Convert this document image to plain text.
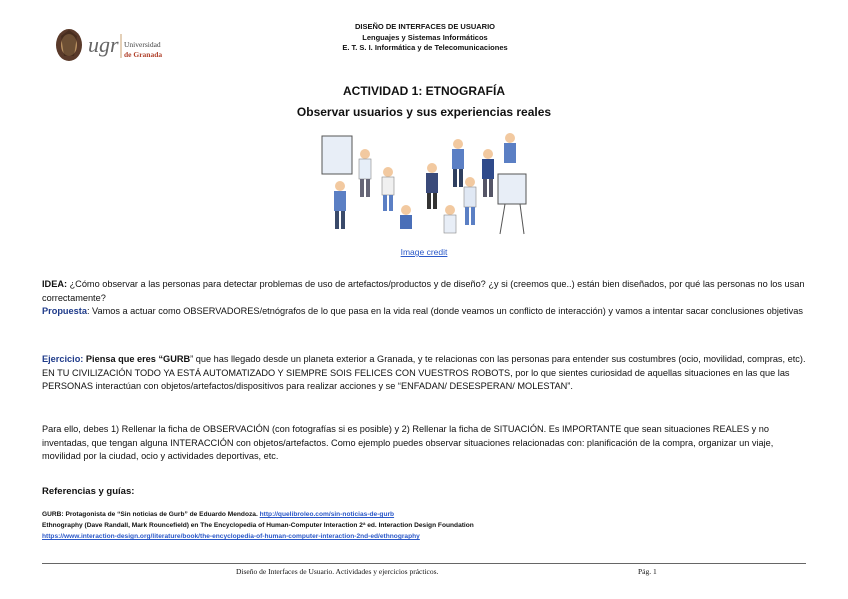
ugr Universidad
de Granada
DISEÑO DE INTERFACES DE USUARIO
Lenguajes y Sistemas Informáticos
E. T. S. I. Informática y de Telecomunicaciones
ACTIVIDAD 1: ETNOGRAFÍA
Observar usuarios y sus experiencias reales
Image credit
IDEA: ¿Cómo observar a las personas para detectar problemas de uso de artefactos/productos y de diseño? ¿y si (creemos que..) están bien diseñados, por qué las personas no los usan correctamente?
Propuesta: Vamos a actuar como OBSERVADORES/etnógrafos de lo que pasa en la vida real (donde veamos un conflicto de interacción) y vamos a intentar sacar conclusiones objetivas
Ejercicio: Piensa que eres “GURB” que has llegado desde un planeta exterior a Granada, y te relacionas con las personas para entender sus costumbres (ocio, movilidad, compras, etc). EN TU CIVILIZACIÓN TODO YA ESTÁ AUTOMATIZADO Y SIEMPRE SOIS FELICES CON VUESTROS ROBOTS, por lo que sientes curiosidad de aquellas situaciones en las que las PERSONAS interactúan con objetos/artefactos/dispositivos para realizar acciones y se “ENFADAN/ DESESPERAN/ MOLESTAN”.
Para ello, debes 1) Rellenar la ficha de OBSERVACIÓN (con fotografías si es posible) y 2) Rellenar la ficha de SITUACIÓN. Es IMPORTANTE que sean situaciones REALES y no inventadas, que tengan alguna INTERACCIÓN con objetos/artefactos. Como ejemplo puedes observar situaciones relacionadas con: planificación de la compra, organizar un viaje, movilidad por la ciudad, ocio y actividades deportivas, etc.
Referencias y guías:
GURB: Protagonista de “Sin noticias de Gurb” de Eduardo Mendoza. http://quelibroleo.com/sin-noticias-de-gurb
Ethnography (Dave Randall, Mark Rouncefield) en The Encyclopedia of Human-Computer Interaction 2ª ed. Interaction Design Foundation
https://www.interaction-design.org/literature/book/the-encyclopedia-of-human-computer-interaction-2nd-ed/ethnography
Diseño de Interfaces de Usuario. Actividades y ejercicios prácticos.	Pág. 1
